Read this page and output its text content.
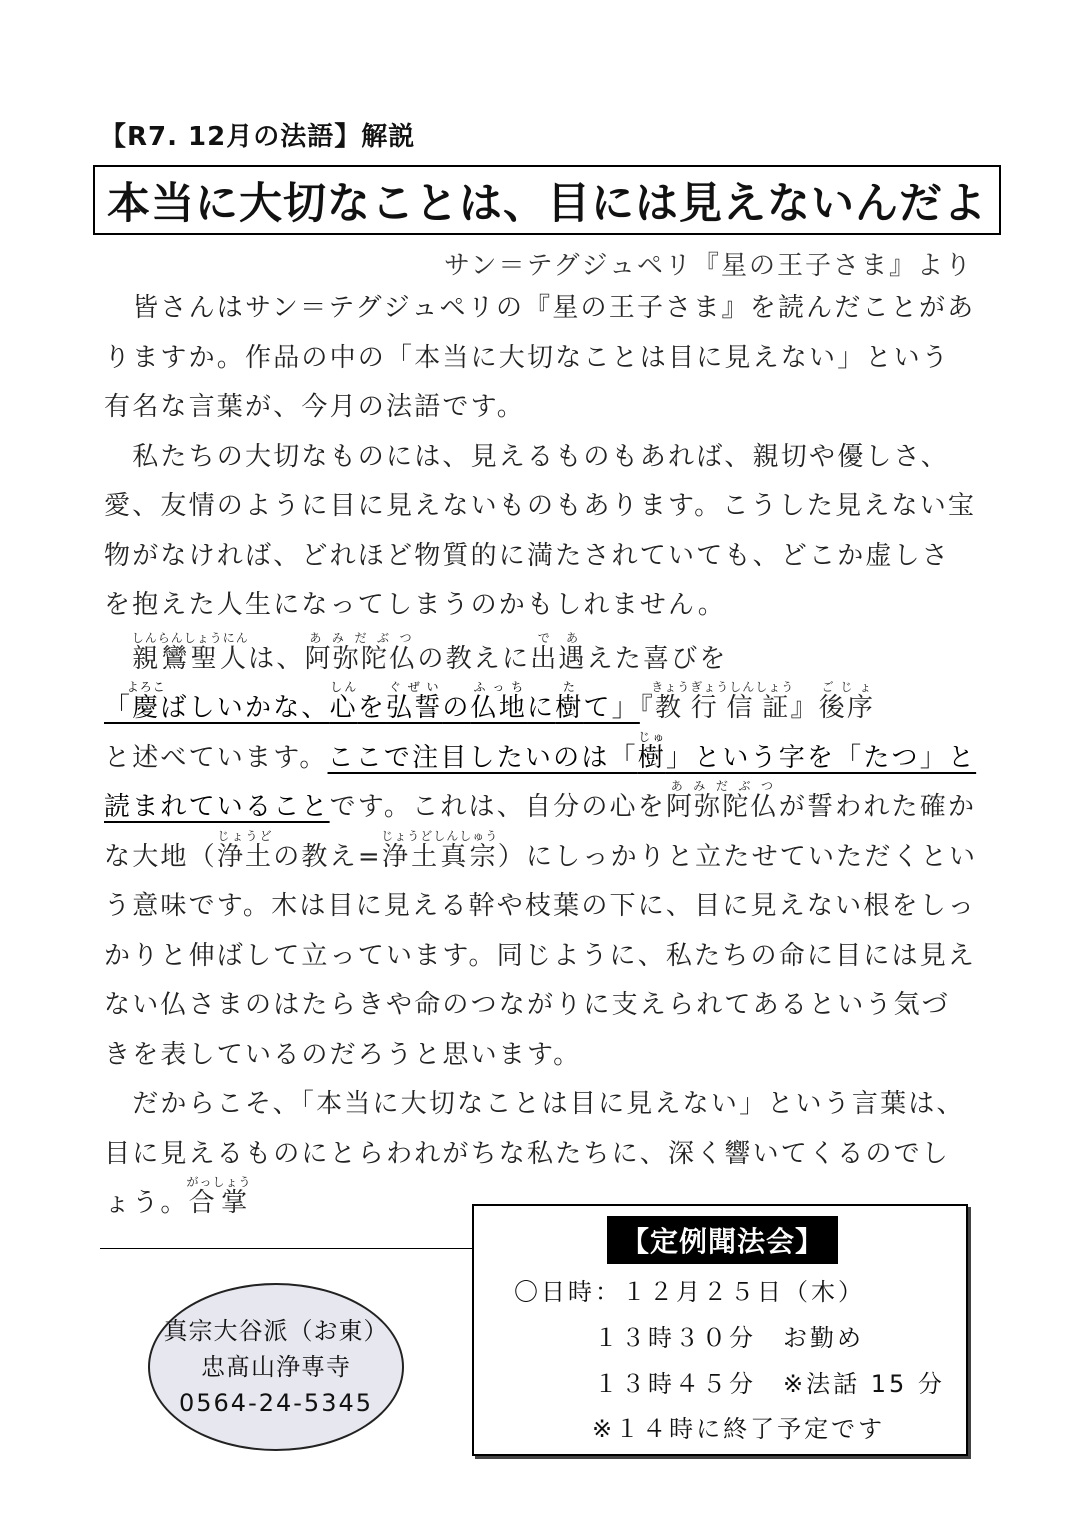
【R7. 12月の法語】解説
本当に大切なことは、目には見えないんだよ
サン＝テグジュペリ『星の王子さま』より

　皆さんはサン＝テグジュペリの『星の王子さま』を読んだことがありますか。作品の中の「本当に大切なことは目に見えない」という有名な言葉が、今月の法語です。

　私たちの大切なものには、見えるものもあれば、親切や優しさ、愛、友情のように目に見えないものもあります。こうした見えない宝物がなければ、どれほど物質的に満たされていても、どこか虚しさを抱えた人生になってしまうのかもしれません。

　親鸞聖人しんらんしょうにんは、阿弥陀仏あみだぶつの教えに出遇であえた喜びを
「慶よろこばしいかな、心しんを弘誓ぐぜいの仏地ふっちに樹たて」『教行信証きょうぎょうしんしょう』後序ごじょ
と述べています。ここで注目したいのは「樹じゅ」という字を「たつ」と読まれていることです。これは、自分の心を阿弥陀仏あみだぶつが誓われた確かな大地（浄土じょうどの教え=浄土真宗じょうどしんしゅう）にしっかりと立たせていただくという意味です。木は目に見える幹や枝葉の下に、目に見えない根をしっかりと伸ばして立っています。同じように、私たちの命に目には見えない仏さまのはたらきや命のつながりに支えられてあるという気づきを表しているのだろうと思います。

　だからこそ、「本当に大切なことは目に見えない」という言葉は、目に見えるものにとらわれがちな私たちに、深く響いてくるのでしょう。合掌がっしょう

真宗大谷派（お東）
忠髙山浄専寺
0564-24-5345
【定例聞法会】
〇日時：１２月２５日（木）
１３時３０分　お勤め
１３時４５分　※法話 15 分
※１４時に終了予定です
